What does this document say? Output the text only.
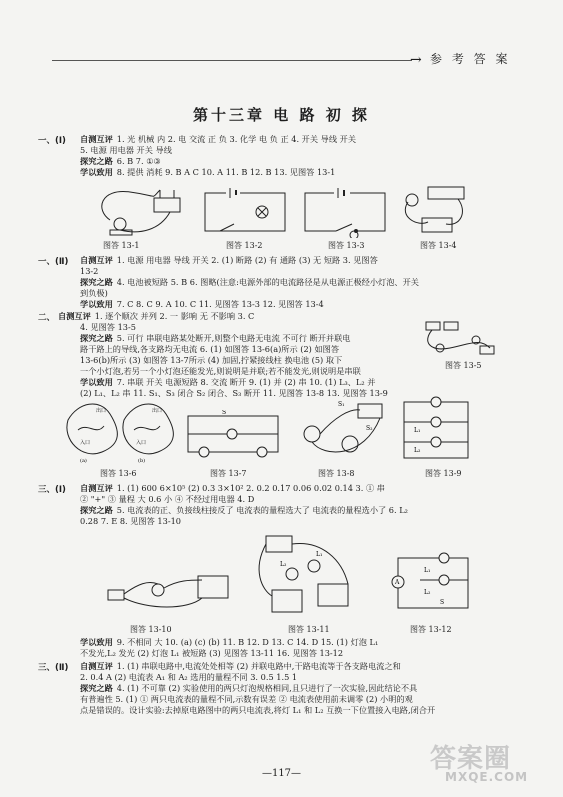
→ 参 考 答 案
第十三章 电 路 初 探
一、(Ⅰ) 自测互评 1. 光 机械 内 2. 电 交流 正 负 3. 化学 电 负 正 4. 开关 导线 开关
5. 电源 用电器 开关 导线
探究之路 6. B 7. ①③
学以致用 8. 提供 消耗 9. B A C 10. A 11. B 12. B 13. 见图答 13-1
图答 13-1	图答 13-2	图答 13-3	图答 13-4
一、(Ⅱ) 自测互评 1. 电源 用电器 导线 开关 2. (1) 断路 (2) 有 通路 (3) 无 短路 3. 见图答
13-2
探究之路 4. 电池被短路 5. B 6. 图略(注意:电源外部的电流路径是从电源正极经小灯泡、开关
到负极)
学以致用 7. C 8. C 9. A 10. C 11. 见图答 13-3 12. 见图答 13-4
二、 自测互评 1. 逐个顺次 并列 2. 一 影响 无 不影响 3. C
4. 见图答 13-5
探究之路 5. 可行 串联电路某处断开,则整个电路无电流 不可行 断开并联电
路干路上的导线,各支路均无电流 6. (1) 如图答 13-6(a)所示 (2) 如图答
13-6(b)所示 (3) 如图答 13-7所示 (4) 加固,拧紧接线柱 换电池 (5) 取下
一个小灯泡,若另一个小灯泡还能发光,则说明是并联;若不能发光,则说明是串联
学以致用 7. 串联 开关 电源短路 8. 交流 断开 9. (1) 并 (2) 串 10. (1) L₃、L₂ 并
(2) L₁、L₂ 串 11. S₁、S₃ 闭合 S₂ 闭合、S₃ 断开 11. 见图答 13-8 13. 见图答 13-9
图答 13-5
出口
入口
出口
入口
(a)	(b)
图答 13-6
S
图答 13-7
S₁
S₂
图答 13-8
L₁
L₂
图答 13-9
三、(Ⅰ) 自测互评 1. (1) 600 6×10⁵ (2) 0.3 3×10² 2. 0.2 0.17 0.06 0.02 0.14 3. ① 串
② "+" ③ 量程 大 0.6 小 ④ 不经过用电器 4. D
探究之路 5. 电流表的正、负接线柱接反了 电流表的量程选大了 电流表的量程选小了 6. L₂
0.28 7. E 8. 见图答 13-10
图答 13-10
L₁
L₂
图答 13-11
A
L₁
L₂
S
图答 13-12
学以致用 9. 不相同 大 10. (a) (c) (b) 11. B 12. D 13. C 14. D 15. (1) 灯泡 L₁
不发光,L₂ 发光 (2) 灯泡 L₁ 被短路 (3) 见图答 13-11 16. 见图答 13-12
三、(Ⅱ) 自测互评 1. (1) 串联电路中,电流处处相等 (2) 并联电路中,干路电流等于各支路电流之和
2. 0.4 A (2) 电流表 A₁ 和 A₂ 选用的量程不同 3. 0.5 1.5 1
探究之路 4. (1) 不可靠 (2) 实验使用的两只灯泡规格相同,且只进行了一次实验,因此结论不具
有普遍性 5. (1) ① 两只电流表的量程不同,示数有误差 ② 电流表使用前未调零 (2) 小明的观
点是错误的。设计实验:去掉原电路图中的两只电流表,将灯 L₁ 和 L₂ 互换一下位置接入电路,闭合开
—117—	答案圈
MXQE.COM
